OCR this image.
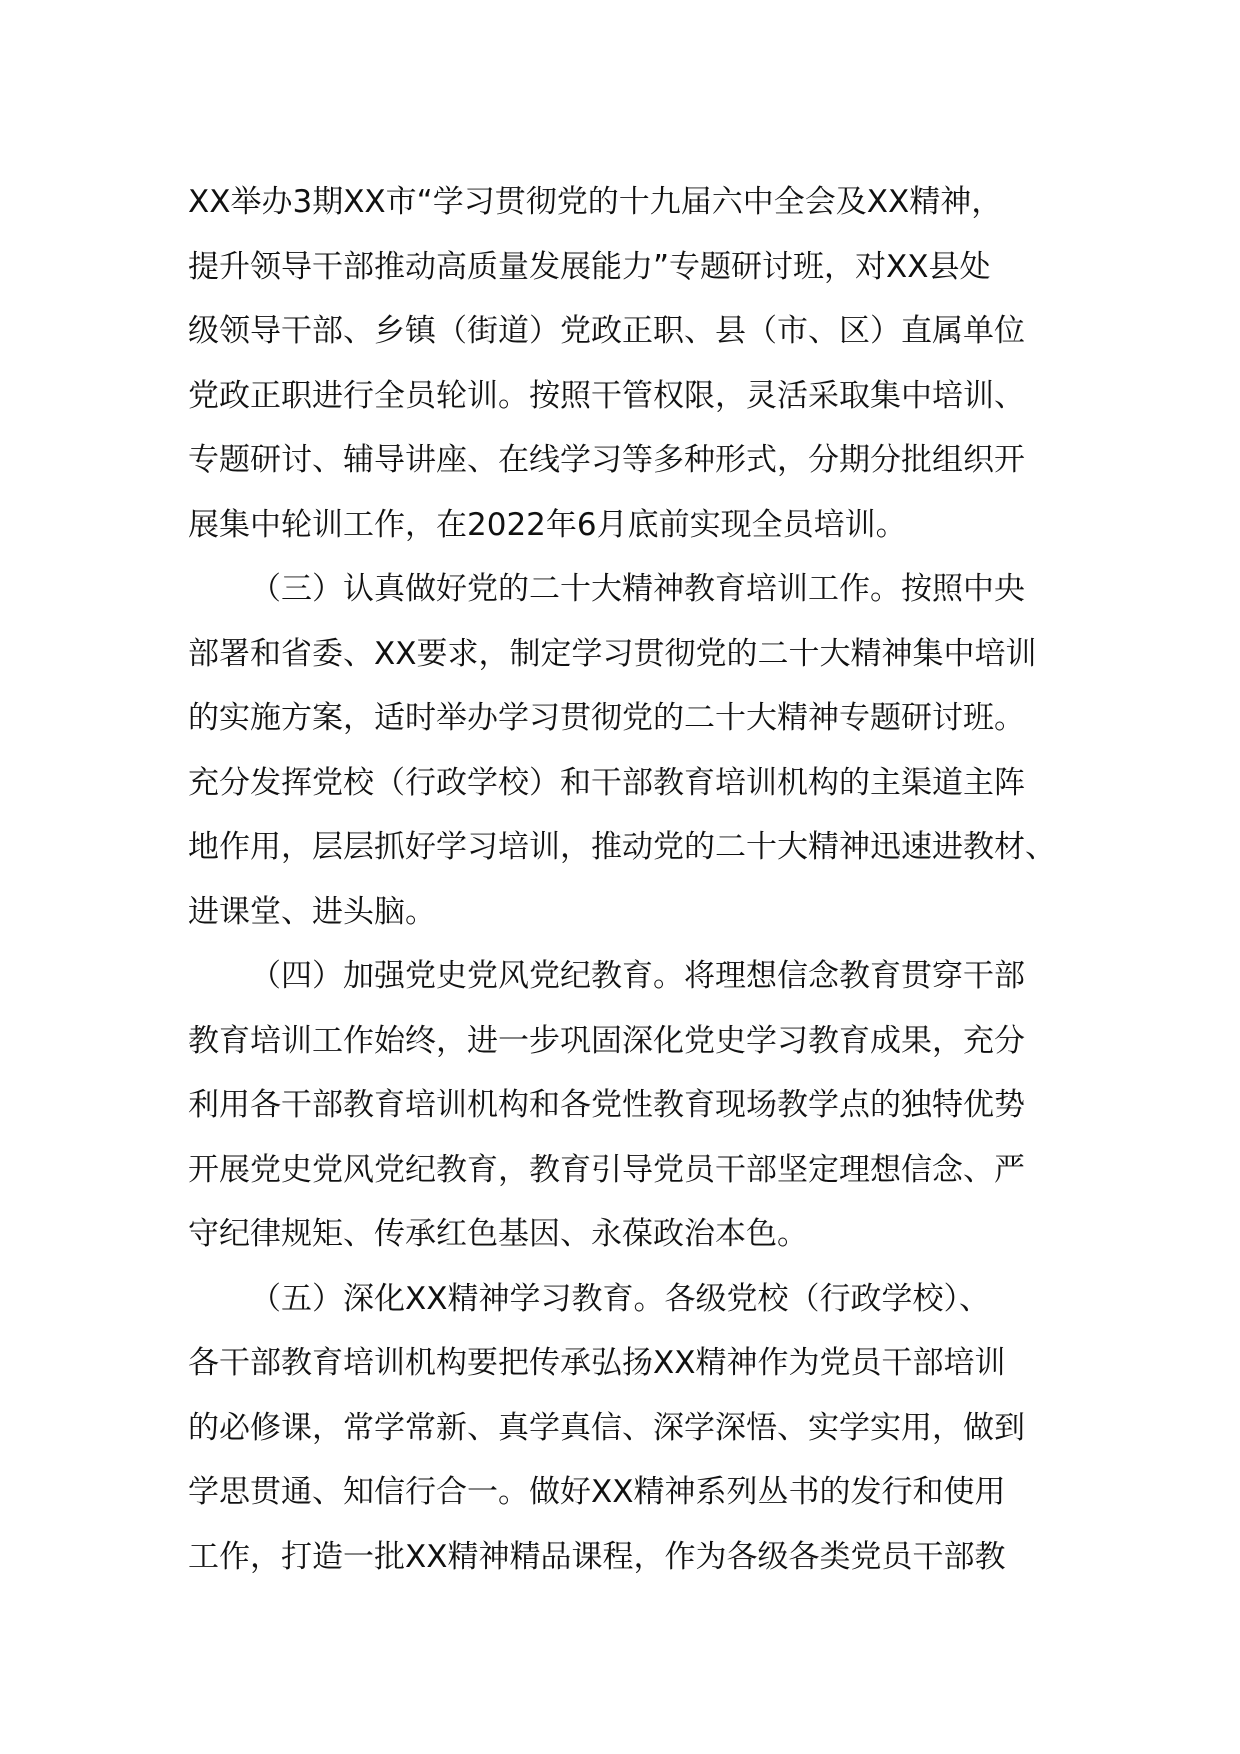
XX举办3期XX市“学习贯彻党的十九届六中全会及XX精神，
提升领导干部推动高质量发展能力”专题研讨班，对XX县处
级领导干部、乡镇（街道）党政正职、县（市、区）直属单位
党政正职进行全员轮训。按照干管权限，灵活采取集中培训、
专题研讨、辅导讲座、在线学习等多种形式，分期分批组织开
展集中轮训工作，在2022年6月底前实现全员培训。
（三）认真做好党的二十大精神教育培训工作。按照中央
部署和省委、XX要求，制定学习贯彻党的二十大精神集中培训
的实施方案，适时举办学习贯彻党的二十大精神专题研讨班。
充分发挥党校（行政学校）和干部教育培训机构的主渠道主阵
地作用，层层抓好学习培训，推动党的二十大精神迅速进教材、
进课堂、进头脑。
（四）加强党史党风党纪教育。将理想信念教育贯穿干部
教育培训工作始终，进一步巩固深化党史学习教育成果，充分
利用各干部教育培训机构和各党性教育现场教学点的独特优势
开展党史党风党纪教育，教育引导党员干部坚定理想信念、严
守纪律规矩、传承红色基因、永葆政治本色。
（五）深化XX精神学习教育。各级党校（行政学校）、
各干部教育培训机构要把传承弘扬XX精神作为党员干部培训
的必修课，常学常新、真学真信、深学深悟、实学实用，做到
学思贯通、知信行合一。做好XX精神系列丛书的发行和使用
工作，打造一批XX精神精品课程，作为各级各类党员干部教
